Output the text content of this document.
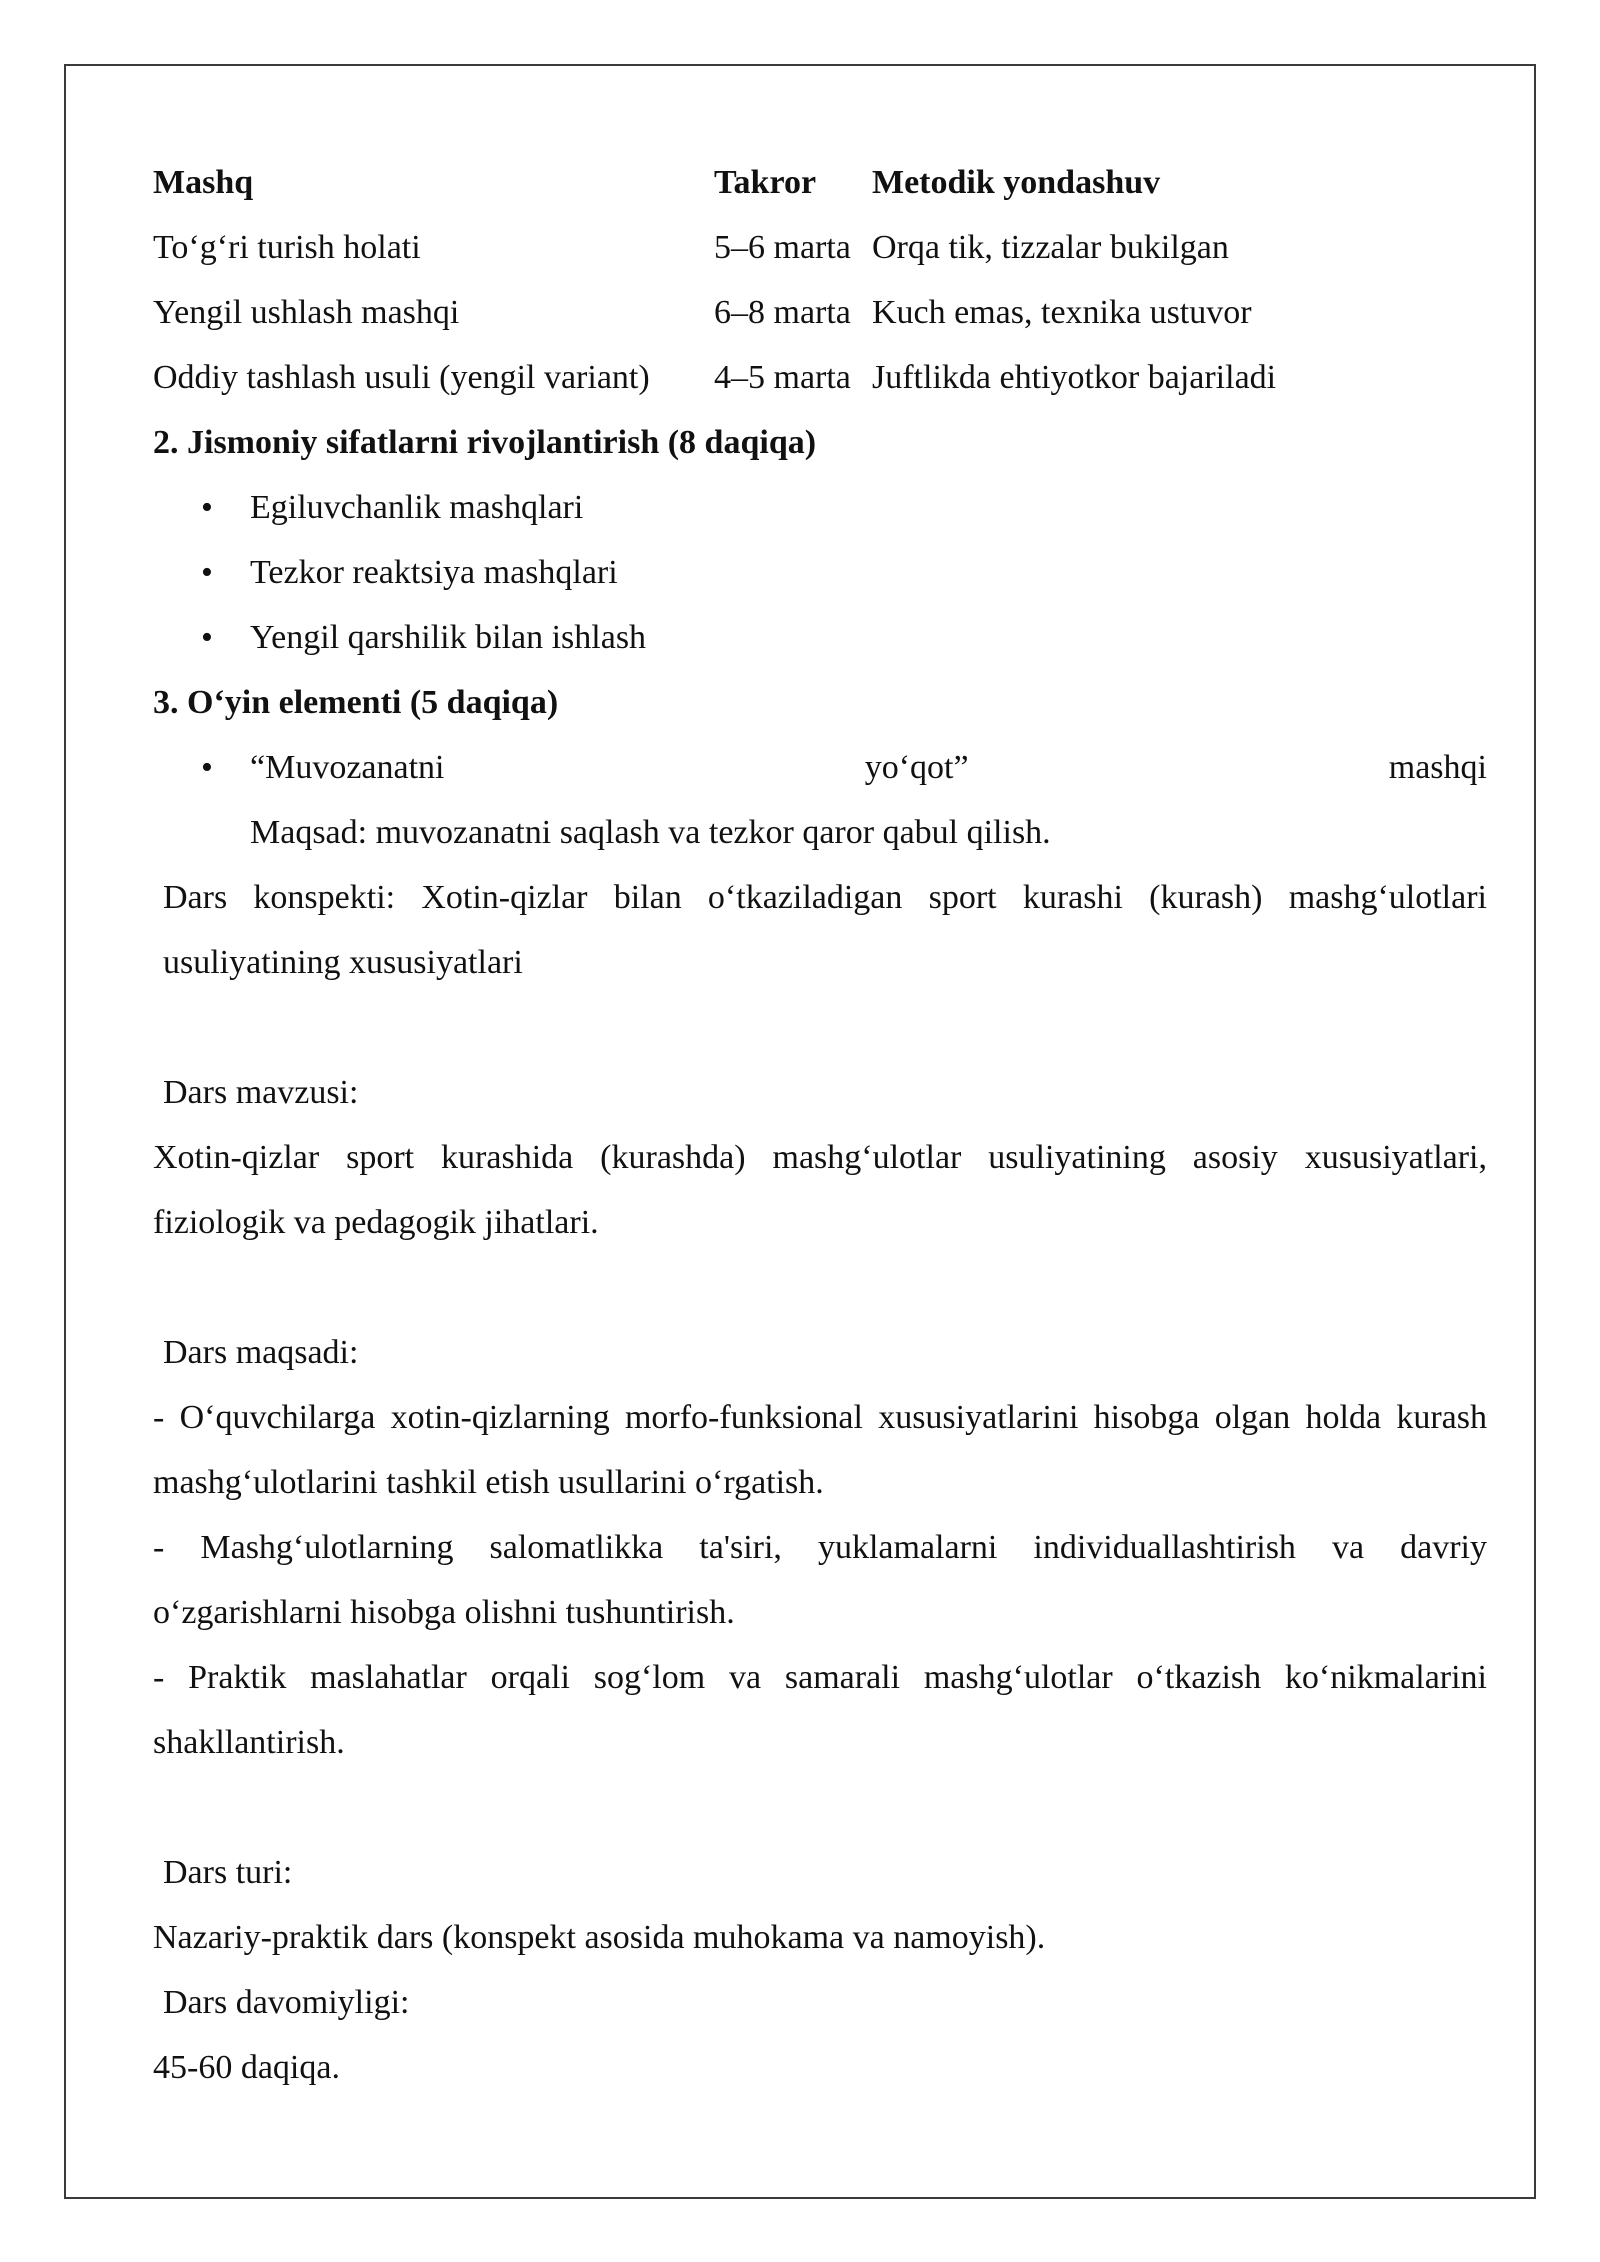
Mashq	Takror	Metodik yondashuv
To‘g‘ri turish holati	5–6 marta	Orqa tik, tizzalar bukilgan
Yengil ushlash mashqi	6–8 marta	Kuch emas, texnika ustuvor
Oddiy tashlash usuli (yengil variant)	4–5 marta	Juftlikda ehtiyotkor bajariladi
2. Jismoniy sifatlarni rivojlantirish (8 daqiqa)
• Egiluvchanlik mashqlari
• Tezkor reaktsiya mashqlari
• Yengil qarshilik bilan ishlash
3. O‘yin elementi (5 daqiqa)
• “Muvozanatni	yo‘qot”	mashqi
Maqsad: muvozanatni saqlash va tezkor qaror qabul qilish.
Dars konspekti: Xotin-qizlar bilan o‘tkaziladigan sport kurashi (kurash) mashg‘ulotlari usuliyatining xususiyatlari
Dars mavzusi:
Xotin-qizlar sport kurashida (kurashda) mashg‘ulotlar usuliyatining asosiy xususiyatlari, fiziologik va pedagogik jihatlari.
Dars maqsadi:
- O‘quvchilarga xotin-qizlarning morfo-funksional xususiyatlarini hisobga olgan holda kurash mashg‘ulotlarini tashkil etish usullarini o‘rgatish.
- Mashg‘ulotlarning salomatlikka ta'siri, yuklamalarni individuallashtirish va davriy o‘zgarishlarni hisobga olishni tushuntirish.
- Praktik maslahatlar orqali sog‘lom va samarali mashg‘ulotlar o‘tkazish ko‘nikmalarini shakllantirish.
Dars turi:
Nazariy-praktik dars (konspekt asosida muhokama va namoyish).
Dars davomiyligi:
45-60 daqiqa.
